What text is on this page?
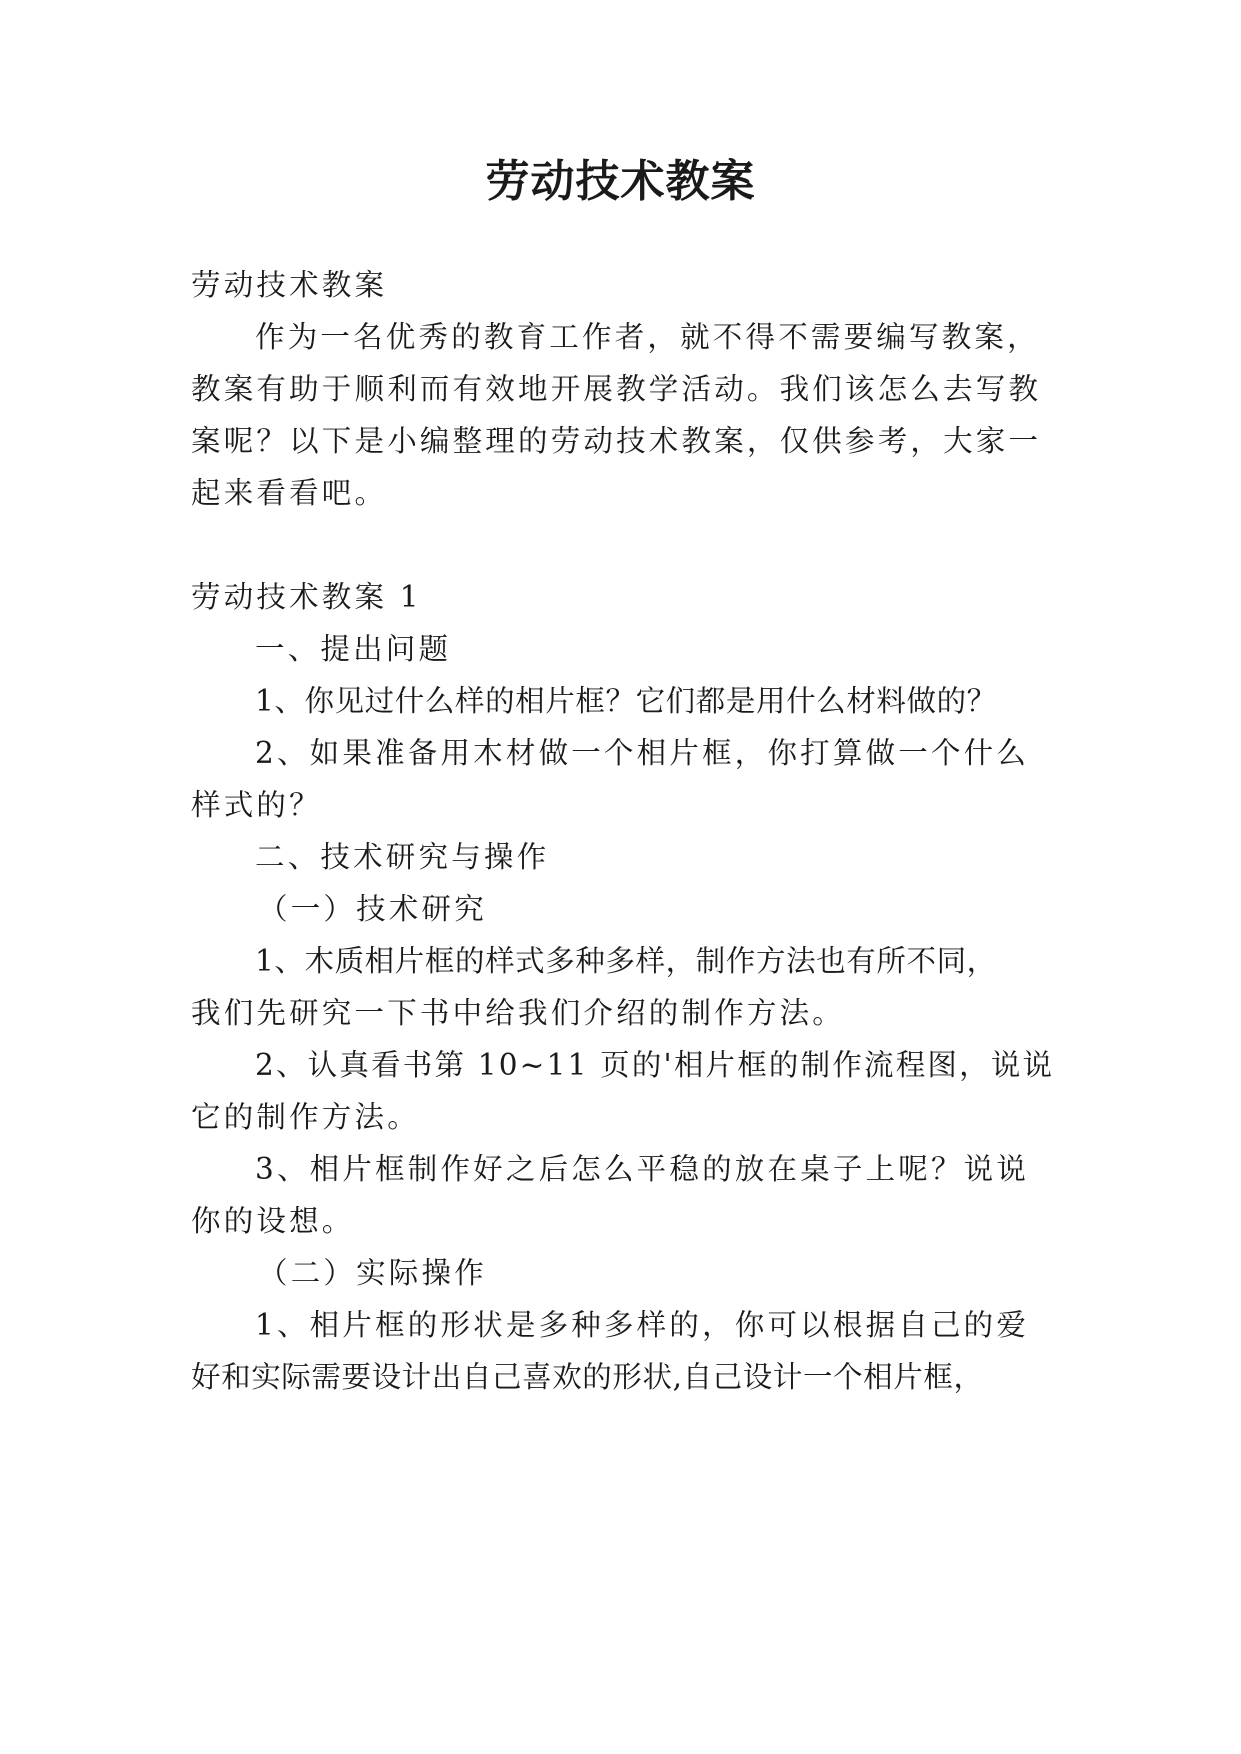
劳动技术教案
劳动技术教案
作为一名优秀的教育工作者，就不得不需要编写教案，
教案有助于顺利而有效地开展教学活动。我们该怎么去写教
案呢？以下是小编整理的劳动技术教案，仅供参考，大家一
起来看看吧。
劳动技术教案 1
一、提出问题
1、你见过什么样的相片框？它们都是用什么材料做的？
2、如果准备用木材做一个相片框，你打算做一个什么
样式的？
二、技术研究与操作
（一）技术研究
1、木质相片框的样式多种多样，制作方法也有所不同，
我们先研究一下书中给我们介绍的制作方法。
2、认真看书第 10~11 页的'相片框的制作流程图，说说
它的制作方法。
3、相片框制作好之后怎么平稳的放在桌子上呢？说说
你的设想。
（二）实际操作
1、相片框的形状是多种多样的，你可以根据自己的爱
好和实际需要设计出自己喜欢的形状,自己设计一个相片框，
